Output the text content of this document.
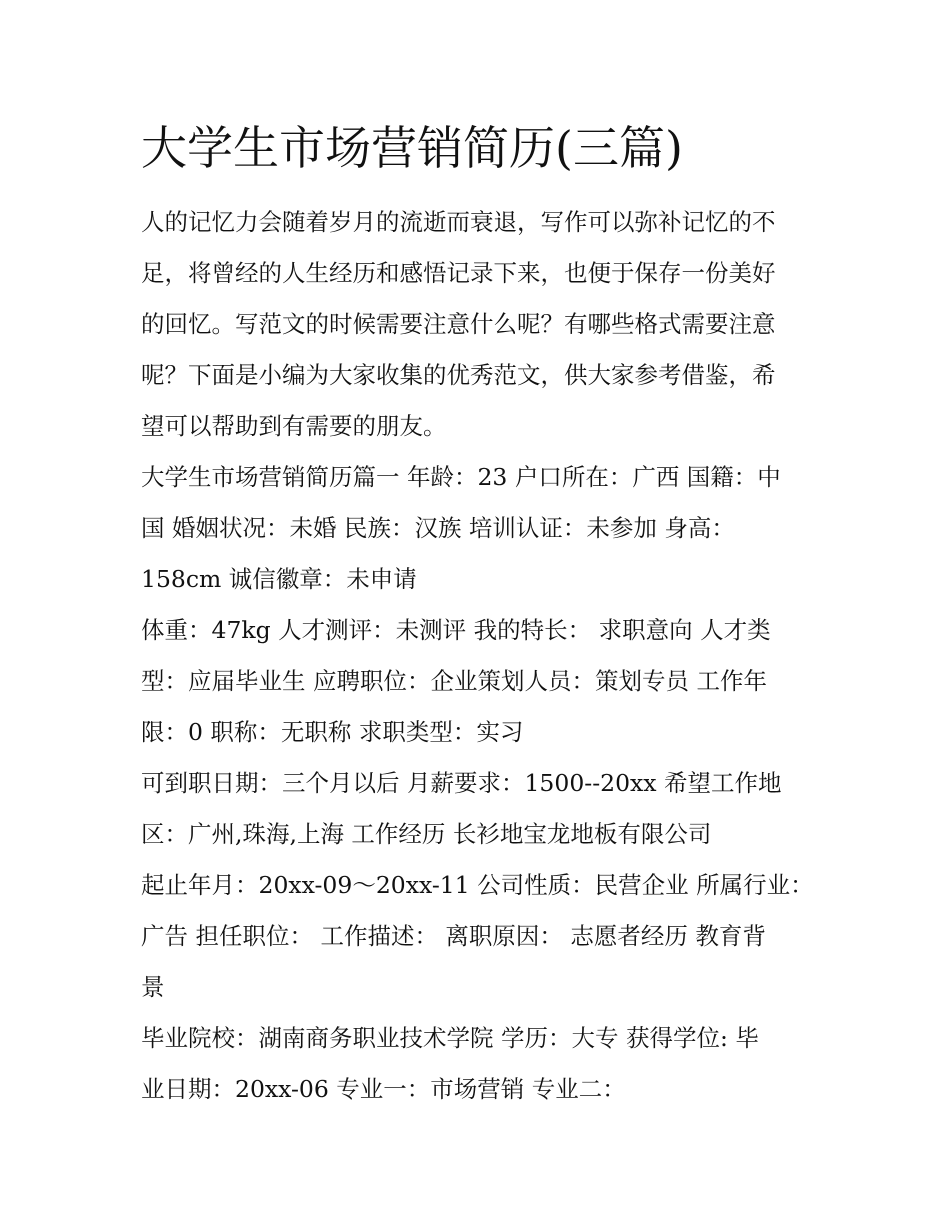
大学生市场营销简历(三篇)
人的记忆力会随着岁月的流逝而衰退，写作可以弥补记忆的不
足，将曾经的人生经历和感悟记录下来，也便于保存一份美好
的回忆。写范文的时候需要注意什么呢？有哪些格式需要注意
呢？下面是小编为大家收集的优秀范文，供大家参考借鉴，希
望可以帮助到有需要的朋友。
大学生市场营销简历篇一 年龄：23 户口所在：广西 国籍：中
国 婚姻状况：未婚 民族：汉族 培训认证：未参加 身高：
158cm 诚信徽章：未申请
体重：47kg 人才测评：未测评 我的特长： 求职意向 人才类
型：应届毕业生 应聘职位：企业策划人员：策划专员 工作年
限：0 职称：无职称 求职类型：实习
可到职日期：三个月以后 月薪要求：1500--20xx 希望工作地
区：广州,珠海,上海 工作经历 长衫地宝龙地板有限公司
起止年月：20xx-09～20xx-11 公司性质：民营企业 所属行业：
广告 担任职位： 工作描述： 离职原因： 志愿者经历 教育背
景
毕业院校：湖南商务职业技术学院 学历：大专 获得学位: 毕
业日期：20xx-06 专业一：市场营销 专业二：
